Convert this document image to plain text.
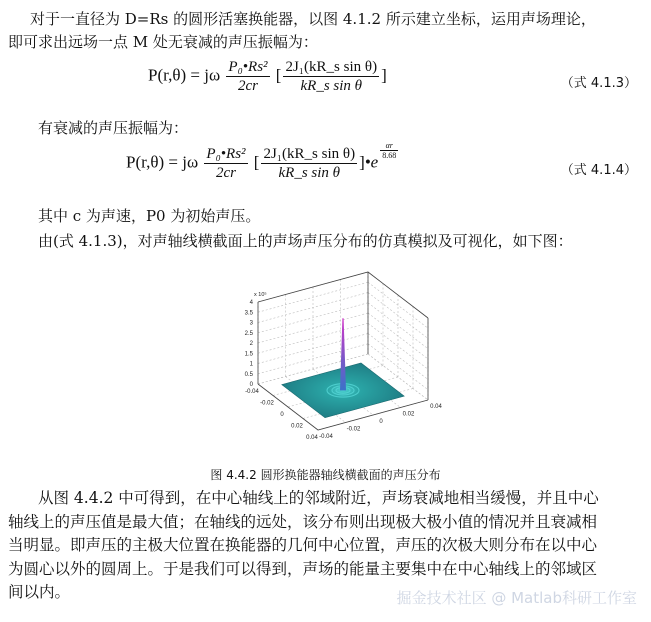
对于一直径为 D=Rs 的圆形活塞换能器，以图 4.1.2 所示建立坐标，运用声场理论，
即可求出远场一点 M 处无衰减的声压振幅为：
P(r,θ) = jω $\frac{\text{P₀•Rs²}}{2cr}$ [ $\frac{\text{2J₁(kR\_s sin θ)}}{\text{kR\_s sin θ}}$ ]	（式 4.1.3）
有衰减的声压振幅为：
P(r,θ) = jω $\frac{\text{P₀•Rs²}}{2cr}$ [ $\frac{\text{2J₁(kR\_s sin θ)}}{\text{kR\_s sin θ}}$ ]•e
$\frac{\alpha r}{8.68}$
（式 4.1.4）
其中 c 为声速，P0 为初始声压。
由(式 4.1.3)，对声轴线横截面上的声场声压分布的仿真模拟及可视化，如下图：
0
0.5
1
1.5
2
2.5
3
3.5
4
x 10⁵
-0.04
-0.02
0
0.02
0.04
0.04
0.02
0
-0.02
-0.04
图 4.4.2 圆形换能器轴线横截面的声压分布
从图 4.4.2 中可得到，在中心轴线上的邻域附近，声场衰减地相当缓慢，并且中心
轴线上的声压值是最大值；在轴线的远处，该分布则出现极大极小值的情况并且衰减相
当明显。即声压的主极大位置在换能器的几何中心位置，声压的次极大则分布在以中心
为圆心以外的圆周上。于是我们可以得到，声场的能量主要集中在中心轴线上的邻域区
间以内。	掘金技术社区 @ Matlab科研工作室
